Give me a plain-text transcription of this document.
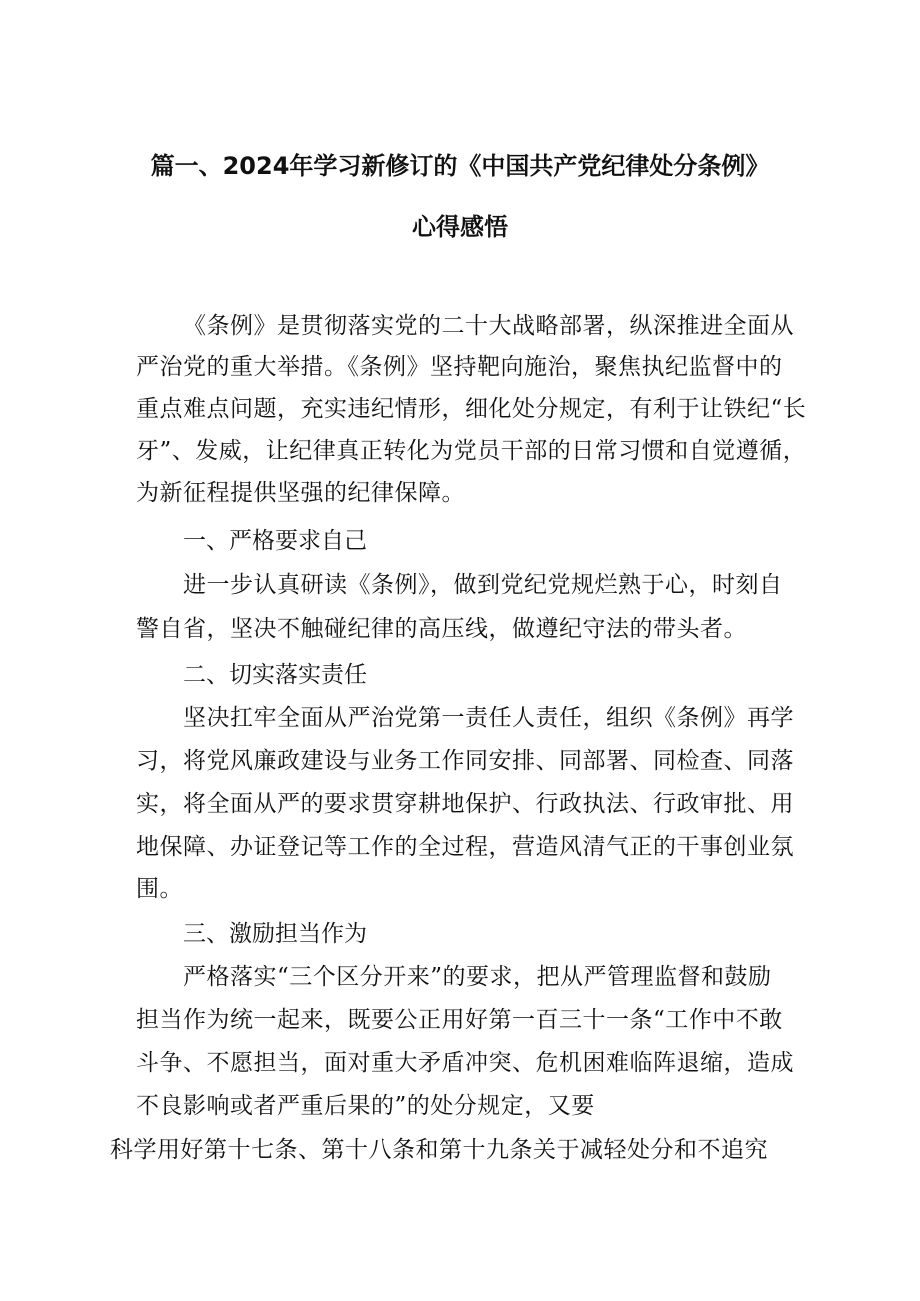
篇一、2024年学习新修订的《中国共产党纪律处分条例》
心得感悟
《条例》是贯彻落实党的二十大战略部署，纵深推进全面从
严治党的重大举措。《条例》坚持靶向施治，聚焦执纪监督中的
重点难点问题，充实违纪情形，细化处分规定，有利于让铁纪“长
牙”、发威，让纪律真正转化为党员干部的日常习惯和自觉遵循，
为新征程提供坚强的纪律保障。
一、严格要求自己
进一步认真研读《条例》，做到党纪党规烂熟于心，时刻自
警自省，坚决不触碰纪律的高压线，做遵纪守法的带头者。
二、切实落实责任
坚决扛牢全面从严治党第一责任人责任，组织《条例》再学
习，将党风廉政建设与业务工作同安排、同部署、同检查、同落
实，将全面从严的要求贯穿耕地保护、行政执法、行政审批、用
地保障、办证登记等工作的全过程，营造风清气正的干事创业氛
围。
三、激励担当作为
严格落实“三个区分开来”的要求，把从严管理监督和鼓励
担当作为统一起来，既要公正用好第一百三十一条“工作中不敢
斗争、不愿担当，面对重大矛盾冲突、危机困难临阵退缩，造成
不良影响或者严重后果的”的处分规定，又要
科学用好第十七条、第十八条和第十九条关于减轻处分和不追究
